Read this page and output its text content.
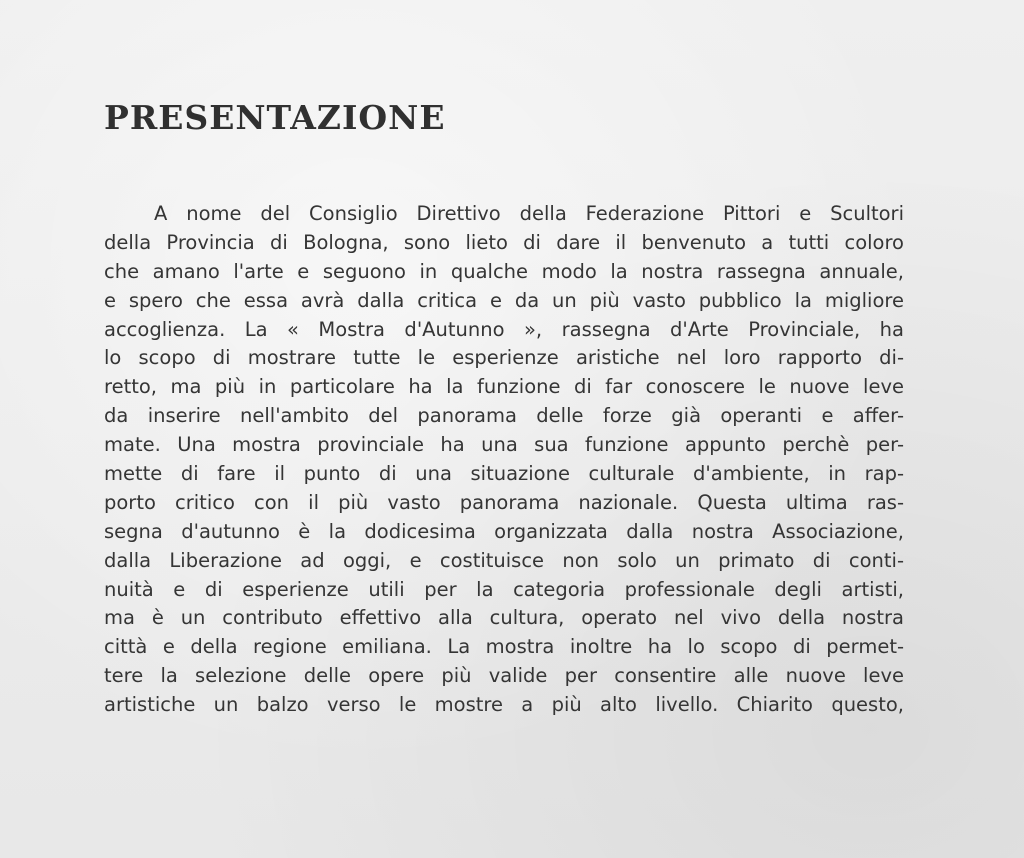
PRESENTAZIONE
A nome del Consiglio Direttivo della Federazione Pittori e Scultori
della Provincia di Bologna, sono lieto di dare il benvenuto a tutti coloro
che amano l'arte e seguono in qualche modo la nostra rassegna annuale,
e spero che essa avrà dalla critica e da un più vasto pubblico la migliore
accoglienza. La « Mostra d'Autunno », rassegna d'Arte Provinciale, ha
lo scopo di mostrare tutte le esperienze aristiche nel loro rapporto di-
retto, ma più in particolare ha la funzione di far conoscere le nuove leve
da inserire nell'ambito del panorama delle forze già operanti e affer-
mate. Una mostra provinciale ha una sua funzione appunto perchè per-
mette di fare il punto di una situazione culturale d'ambiente, in rap-
porto critico con il più vasto panorama nazionale. Questa ultima ras-
segna d'autunno è la dodicesima organizzata dalla nostra Associazione,
dalla Liberazione ad oggi, e costituisce non solo un primato di conti-
nuità e di esperienze utili per la categoria professionale degli artisti,
ma è un contributo effettivo alla cultura, operato nel vivo della nostra
città e della regione emiliana. La mostra inoltre ha lo scopo di permet-
tere la selezione delle opere più valide per consentire alle nuove leve
artistiche un balzo verso le mostre a più alto livello. Chiarito questo,
